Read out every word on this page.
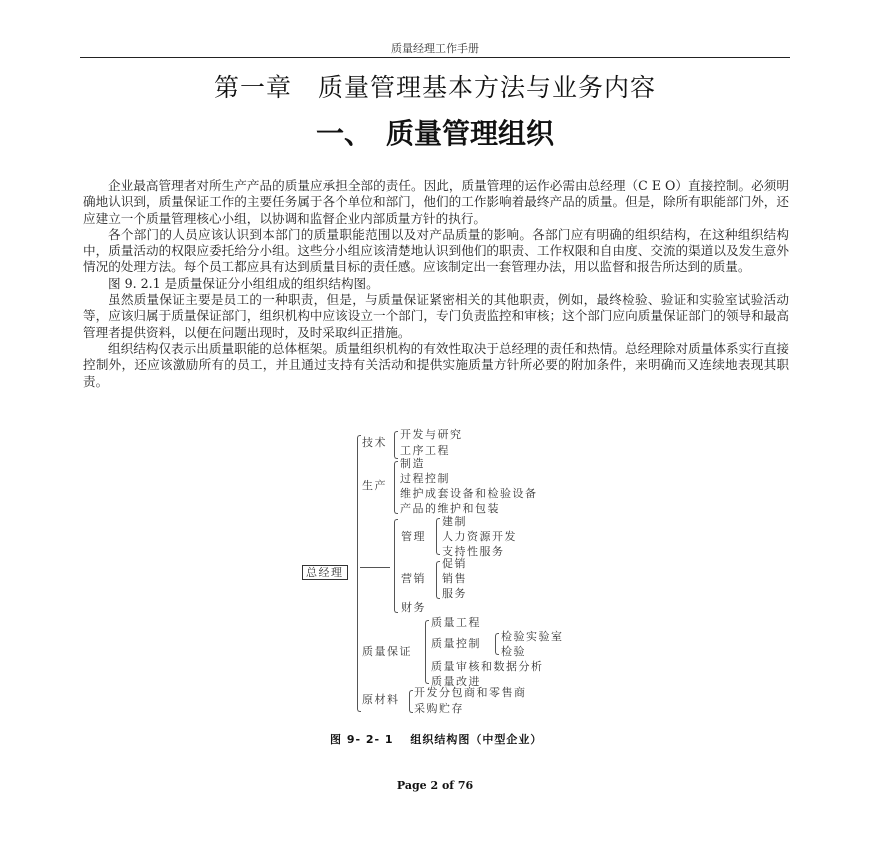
质量经理工作手册
第一章　质量管理基本方法与业务内容
一、　质量管理组织

企业最高管理者对所生产产品的质量应承担全部的责任。因此，质量管理的运作必需由总经理（C E O）直接控制。必须明确地认识到，质量保证工作的主要任务属于各个单位和部门，他们的工作影响着最终产品的质量。但是，除所有职能部门外，还应建立一个质量管理核心小组，以协调和监督企业内部质量方针的执行。

各个部门的人员应该认识到本部门的质量职能范围以及对产品质量的影响。各部门应有明确的组织结构，在这种组织结构中，质量活动的权限应委托给分小组。这些分小组应该清楚地认识到他们的职责、工作权限和自由度、交流的渠道以及发生意外情况的处理方法。每个员工都应具有达到质量目标的责任感。应该制定出一套管理办法，用以监督和报告所达到的质量。

图 9. 2.1 是质量保证分小组组成的组织结构图。

虽然质量保证主要是员工的一种职责，但是，与质量保证紧密相关的其他职责，例如，最终检验、验证和实验室试验活动等，应该归属于质量保证部门，组织机构中应该设立一个部门，专门负责监控和审核；这个部门应向质量保证部门的领导和最高管理者提供资料，以便在问题出现时，及时采取纠正措施。

组织结构仅表示出质量职能的总体框架。质量组织机构的有效性取决于总经理的责任和热情。总经理除对质量体系实行直接控制外，还应该激励所有的员工，并且通过支持有关活动和提供实施质量方针所必要的附加条件，来明确而又连续地表现其职责。

总经理
技术
开发与研究
工序工程
生产
制造
过程控制
维护成套设备和检验设备
产品的维护和包装
管理
建制
人力资源开发
支持性服务
营销
促销
销售
服务
财务
质量保证
质量工程
质量控制
检验实验室
检验
质量审核和数据分析
质量改进
原材料
开发分包商和零售商
采购贮存
图 9- 2- 1　 组织结构图（中型企业）
Page 2 of 76
